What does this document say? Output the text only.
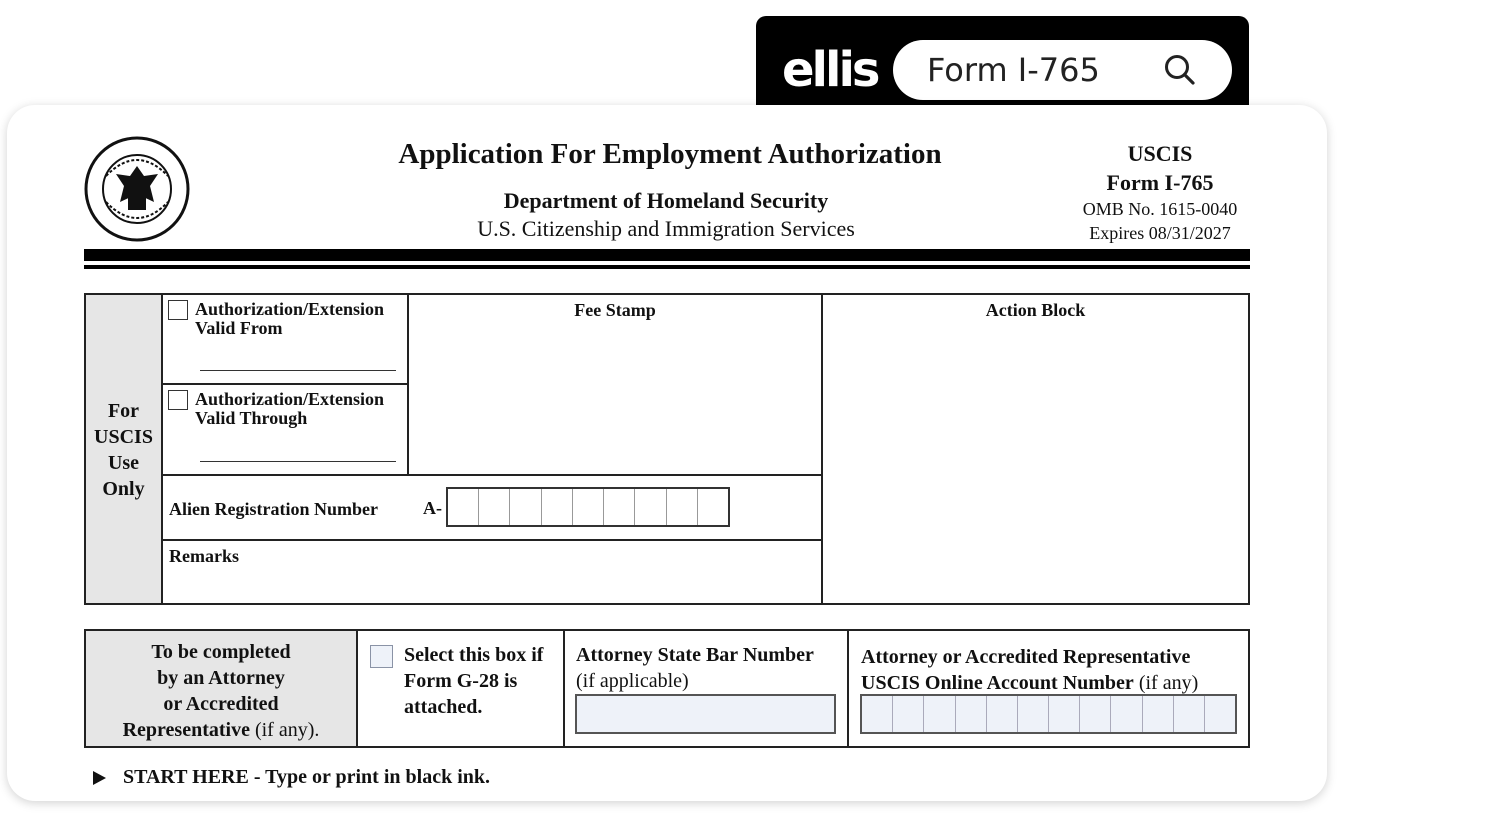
ellis
Form I-765
Application For Employment Authorization
Department of Homeland Security
U.S. Citizenship and Immigration Services
USCIS
Form I-765
OMB No. 1615-0040
Expires 08/31/2027
For
USCIS
Use
Only
Authorization/Extension
Valid From
Authorization/Extension
Valid Through
Fee Stamp	Action Block
Alien Registration Number	A-
Remarks
To be completed
by an Attorney
or Accredited
Representative (if any).
Select this box if
Form G-28 is
attached.
Attorney State Bar Number
(if applicable)
Attorney or Accredited Representative
USCIS Online Account Number (if any)
START HERE - Type or print in black ink.
